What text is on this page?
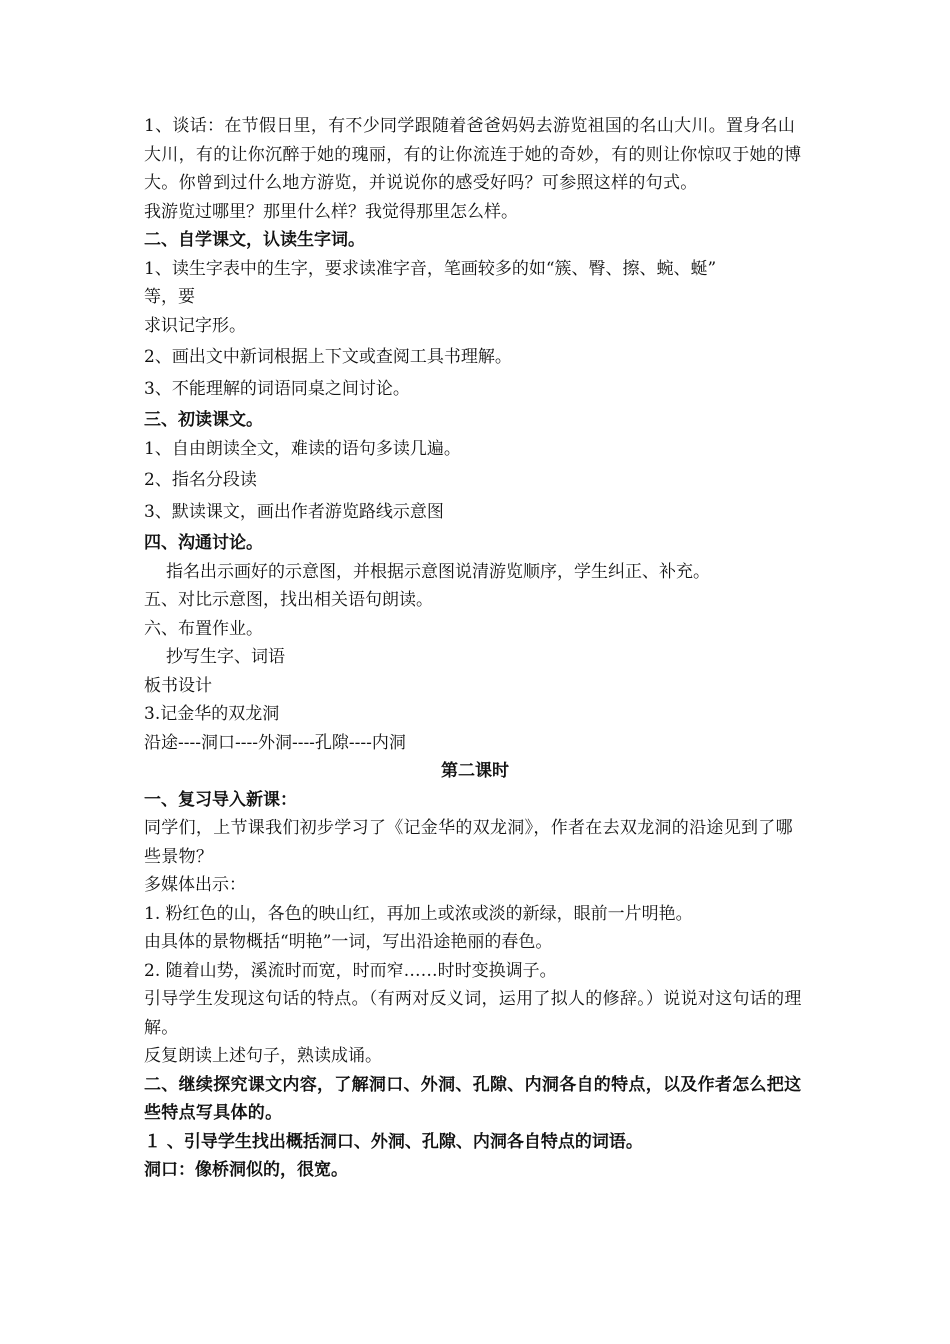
1、谈话：在节假日里，有不少同学跟随着爸爸妈妈去游览祖国的名山大川。置身名山大川，有的让你沉醉于她的瑰丽，有的让你流连于她的奇妙，有的则让你惊叹于她的博大。你曾到过什么地方游览，并说说你的感受好吗？可参照这样的句式。
我游览过哪里？那里什么样？我觉得那里怎么样。
二、自学课文，认读生字词。
1、读生字表中的生字，要求读准字音，笔画较多的如“簇、臀、擦、蜿、蜒”
等，要
求识记字形。
2、画出文中新词根据上下文或查阅工具书理解。
3、不能理解的词语同桌之间讨论。
三、初读课文。
1、自由朗读全文，难读的语句多读几遍。
2、指名分段读
3、默读课文，画出作者游览路线示意图
四、沟通讨论。
指名出示画好的示意图，并根据示意图说清游览顺序，学生纠正、补充。
五、对比示意图，找出相关语句朗读。
六、布置作业。
抄写生字、词语
板书设计
3.记金华的双龙洞
沿途----洞口----外洞----孔隙----内洞
第二课时
一、复习导入新课：
同学们，上节课我们初步学习了《记金华的双龙洞》，作者在去双龙洞的沿途见到了哪些景物？
多媒体出示：
1. 粉红色的山，各色的映山红，再加上或浓或淡的新绿，眼前一片明艳。
由具体的景物概括“明艳”一词，写出沿途艳丽的春色。
2. 随着山势，溪流时而宽，时而窄……时时变换调子。
引导学生发现这句话的特点。（有两对反义词，运用了拟人的修辞。）说说对这句话的理解。
反复朗读上述句子，熟读成诵。
二、继续探究课文内容，了解洞口、外洞、孔隙、内洞各自的特点，以及作者怎么把这些特点写具体的。
１ 、引导学生找出概括洞口、外洞、孔隙、内洞各自特点的词语。
洞口：像桥洞似的，很宽。
